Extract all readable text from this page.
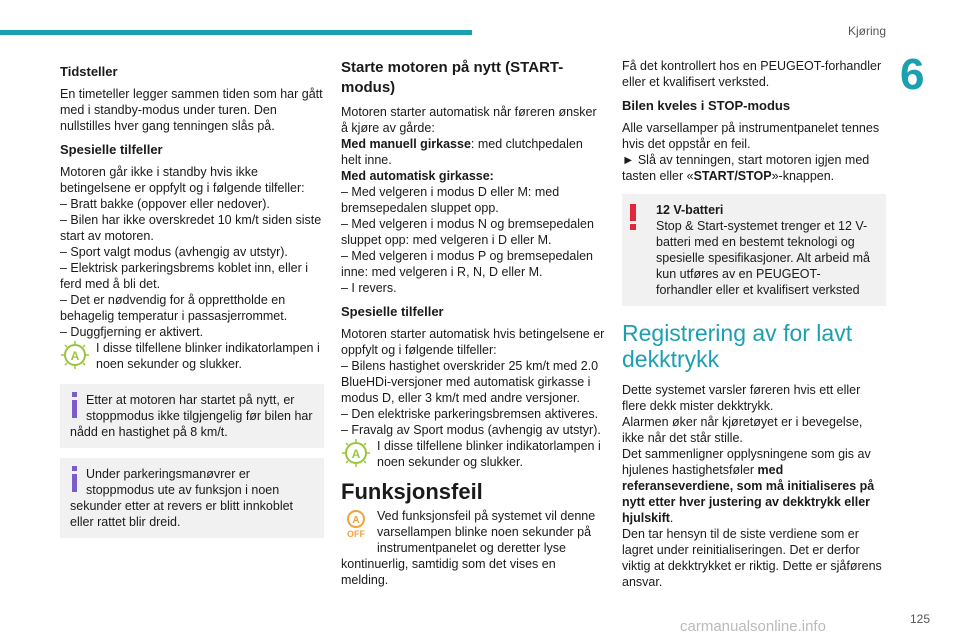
Kjøring
6
Tidsteller

En timeteller legger sammen tiden som har gått med i standby-modus under turen. Den nullstilles hver gang tenningen slås på.

Spesielle tilfeller

Motoren går ikke i standby hvis ikke betingelsene er oppfylt og i følgende tilfeller:

– Bratt bakke (oppover eller nedover).

– Bilen har ikke overskredet 10 km/t siden siste start av motoren.

– Sport valgt modus (avhengig av utstyr).

– Elektrisk parkeringsbrems koblet inn, eller i ferd med å bli det.

– Det er nødvendig for å opprettholde en behagelig temperatur i passasjerrommet.

– Duggfjerning er aktivert.

A
I disse tilfellene blinker indikatorlampen i noen sekunder og slukker.
Etter at motoren har startet på nytt, er stoppmodus ikke tilgjengelig før bilen har nådd en hastighet på 8 km/t.
Under parkeringsmanøvrer er stoppmodus ute av funksjon i noen sekunder etter at revers er blitt innkoblet eller rattet blir dreid.
Starte motoren på nytt (START-modus)

Motoren starter automatisk når føreren ønsker å kjøre av gårde:

Med manuell girkasse: med clutchpedalen helt inne.

Med automatisk girkasse:

– Med velgeren i modus D eller M: med bremsepedalen sluppet opp.

– Med velgeren i modus N og bremsepedalen sluppet opp: med velgeren i D eller M.

– Med velgeren i modus P og bremsepedalen inne: med velgeren i R, N, D eller M.

– I revers.

Spesielle tilfeller

Motoren starter automatisk hvis betingelsene er oppfylt og i følgende tilfeller:

– Bilens hastighet overskrider 25 km/t med 2.0 BlueHDi-versjoner med automatisk girkasse i modus D, eller 3 km/t med andre versjoner.

– Den elektriske parkeringsbremsen aktiveres.

– Fravalg av Sport modus (avhengig av utstyr).

A
I disse tilfellene blinker indikatorlampen i noen sekunder og slukker.
Funksjonsfeil
A
OFF
Ved funksjonsfeil på systemet vil denne varsellampen blinke noen sekunder på instrumentpanelet og deretter lyse kontinuerlig, samtidig som det vises en melding.

Få det kontrollert hos en PEUGEOT-forhandler eller et kvalifisert verksted.

Bilen kveles i STOP-modus

Alle varsellamper på instrumentpanelet tennes hvis det oppstår en feil.

► Slå av tenningen, start motoren igjen med tasten eller «START/STOP»-knappen.

12 V-batteri
Stop & Start-systemet trenger et 12 V-batteri med en bestemt teknologi og spesielle spesifikasjoner. Alt arbeid må kun utføres av en PEUGEOT-forhandler eller et kvalifisert verksted
Registrering av for lavt dekktrykk

Dette systemet varsler føreren hvis ett eller flere dekk mister dekktrykk.

Alarmen øker når kjøretøyet er i bevegelse, ikke når det står stille.

Det sammenligner opplysningene som gis av hjulenes hastighetsføler med referanseverdiene, som må initialiseres på nytt etter hver justering av dekktrykk eller hjulskift.

Den tar hensyn til de siste verdiene som er lagret under reinitialiseringen. Det er derfor viktig at dekktrykket er riktig. Dette er sjåførens ansvar.

125
carmanualsonline.info
